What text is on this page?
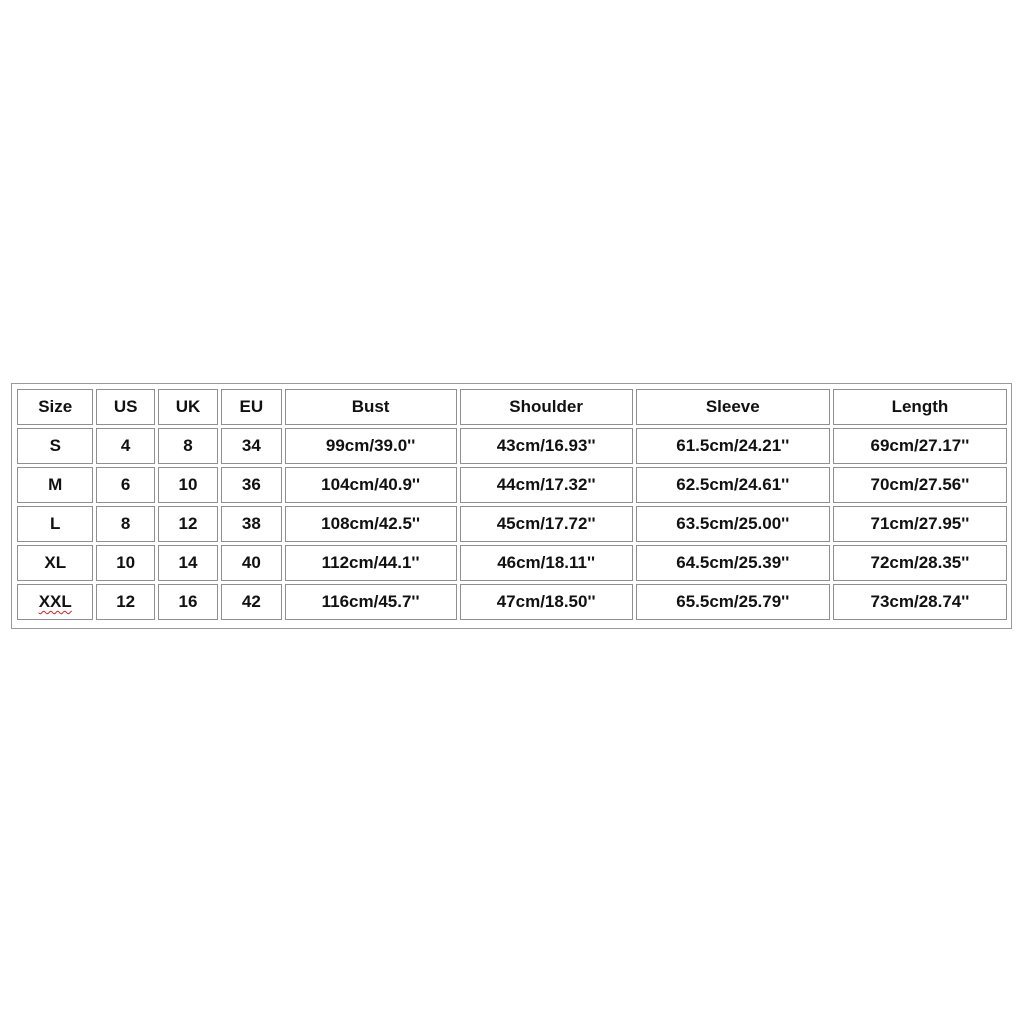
Size	US	UK	EU	Bust	Shoulder	Sleeve	Length
S	4	8	34	99cm/39.0''	43cm/16.93''	61.5cm/24.21''	69cm/27.17''
M	6	10	36	104cm/40.9''	44cm/17.32''	62.5cm/24.61''	70cm/27.56''
L	8	12	38	108cm/42.5''	45cm/17.72''	63.5cm/25.00''	71cm/27.95''
XL	10	14	40	112cm/44.1''	46cm/18.11''	64.5cm/25.39''	72cm/28.35''
XXL	12	16	42	116cm/45.7''	47cm/18.50''	65.5cm/25.79''	73cm/28.74''
